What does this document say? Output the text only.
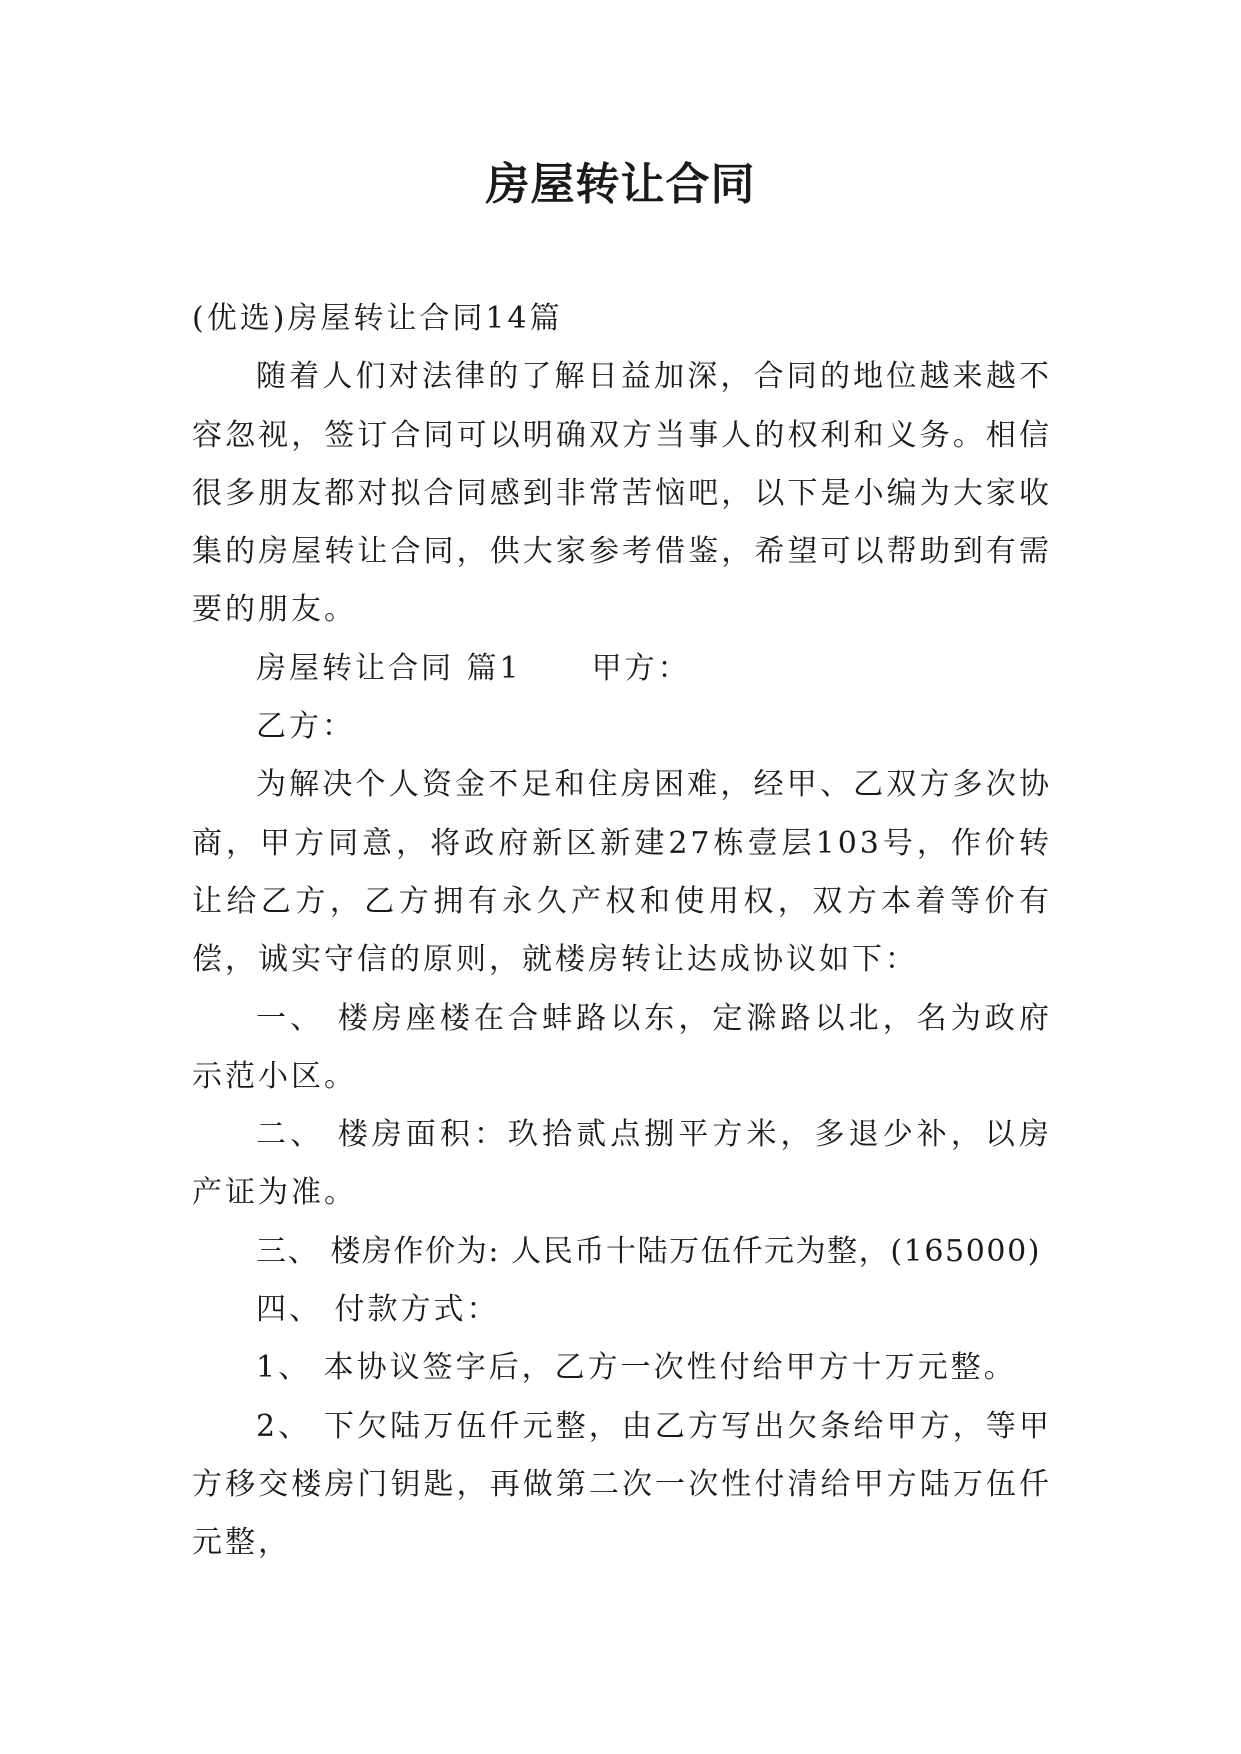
房屋转让合同

(优选)房屋转让合同14篇

随着人们对法律的了解日益加深，合同的地位越来越不容忽视，签订合同可以明确双方当事人的权利和义务。相信很多朋友都对拟合同感到非常苦恼吧，以下是小编为大家收集的房屋转让合同，供大家参考借鉴，希望可以帮助到有需要的朋友。

房屋转让合同 篇1 甲方：

乙方：

为解决个人资金不足和住房困难，经甲、乙双方多次协商，甲方同意，将政府新区新建27栋壹层103号，作价转让给乙方，乙方拥有永久产权和使用权，双方本着等价有偿，诚实守信的原则，就楼房转让达成协议如下：

一、 楼房座楼在合蚌路以东，定滁路以北，名为政府示范小区。

二、 楼房面积：玖拾贰点捌平方米，多退少补，以房产证为准。

三、 楼房作价为: 人民币十陆万伍仟元为整，(165000)

四、 付款方式：

1、 本协议签字后，乙方一次性付给甲方十万元整。

2、 下欠陆万伍仟元整，由乙方写出欠条给甲方，等甲方移交楼房门钥匙，再做第二次一次性付清给甲方陆万伍仟元整，
